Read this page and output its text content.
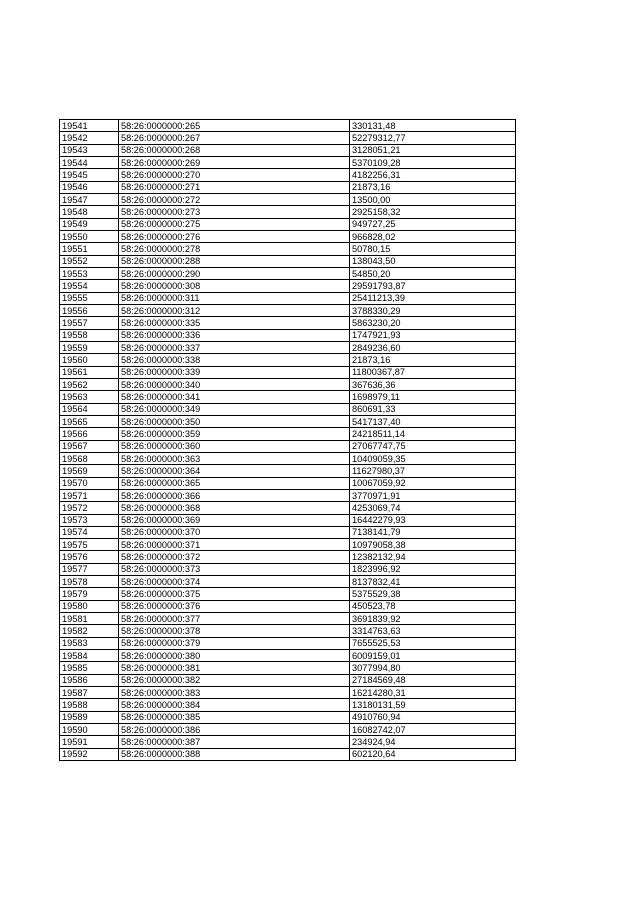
19541	58:26:0000000:265	330131,48
19542	58:26:0000000:267	52279312,77
19543	58:26:0000000:268	3128051,21
19544	58:26:0000000:269	5370109,28
19545	58:26:0000000:270	4182256,31
19546	58:26:0000000:271	21873,16
19547	58:26:0000000:272	13500,00
19548	58:26:0000000:273	2925158,32
19549	58:26:0000000:275	949727,25
19550	58:26:0000000:276	966828,02
19551	58:26:0000000:278	50780,15
19552	58:26:0000000:288	138043,50
19553	58:26:0000000:290	54850,20
19554	58:26:0000000:308	29591793,87
19555	58:26:0000000:311	25411213,39
19556	58:26:0000000:312	3788330,29
19557	58:26:0000000:335	5863230,20
19558	58:26:0000000:336	1747921,93
19559	58:26:0000000:337	2849236,60
19560	58:26:0000000:338	21873,16
19561	58:26:0000000:339	11800367,87
19562	58:26:0000000:340	367636,36
19563	58:26:0000000:341	1698979,11
19564	58:26:0000000:349	860691,33
19565	58:26:0000000:350	5417137,40
19566	58:26:0000000:359	24218511,14
19567	58:26:0000000:360	27067747,75
19568	58:26:0000000:363	10409059,35
19569	58:26:0000000:364	11627980,37
19570	58:26:0000000:365	10067059,92
19571	58:26:0000000:366	3770971,91
19572	58:26:0000000:368	4253069,74
19573	58:26:0000000:369	16442279,93
19574	58:26:0000000:370	7138141,79
19575	58:26:0000000:371	10979058,38
19576	58:26:0000000:372	12382132,94
19577	58:26:0000000:373	1823996,92
19578	58:26:0000000:374	8137832,41
19579	58:26:0000000:375	5375529,38
19580	58:26:0000000:376	450523,78
19581	58:26:0000000:377	3691839,92
19582	58:26:0000000:378	3314763,63
19583	58:26:0000000:379	7655525,53
19584	58:26:0000000:380	6009159,01
19585	58:26:0000000:381	3077994,80
19586	58:26:0000000:382	27184569,48
19587	58:26:0000000:383	16214280,31
19588	58:26:0000000:384	13180131,59
19589	58:26:0000000:385	4910760,94
19590	58:26:0000000:386	16082742,07
19591	58:26:0000000:387	234924,94
19592	58:26:0000000:388	602120,64
